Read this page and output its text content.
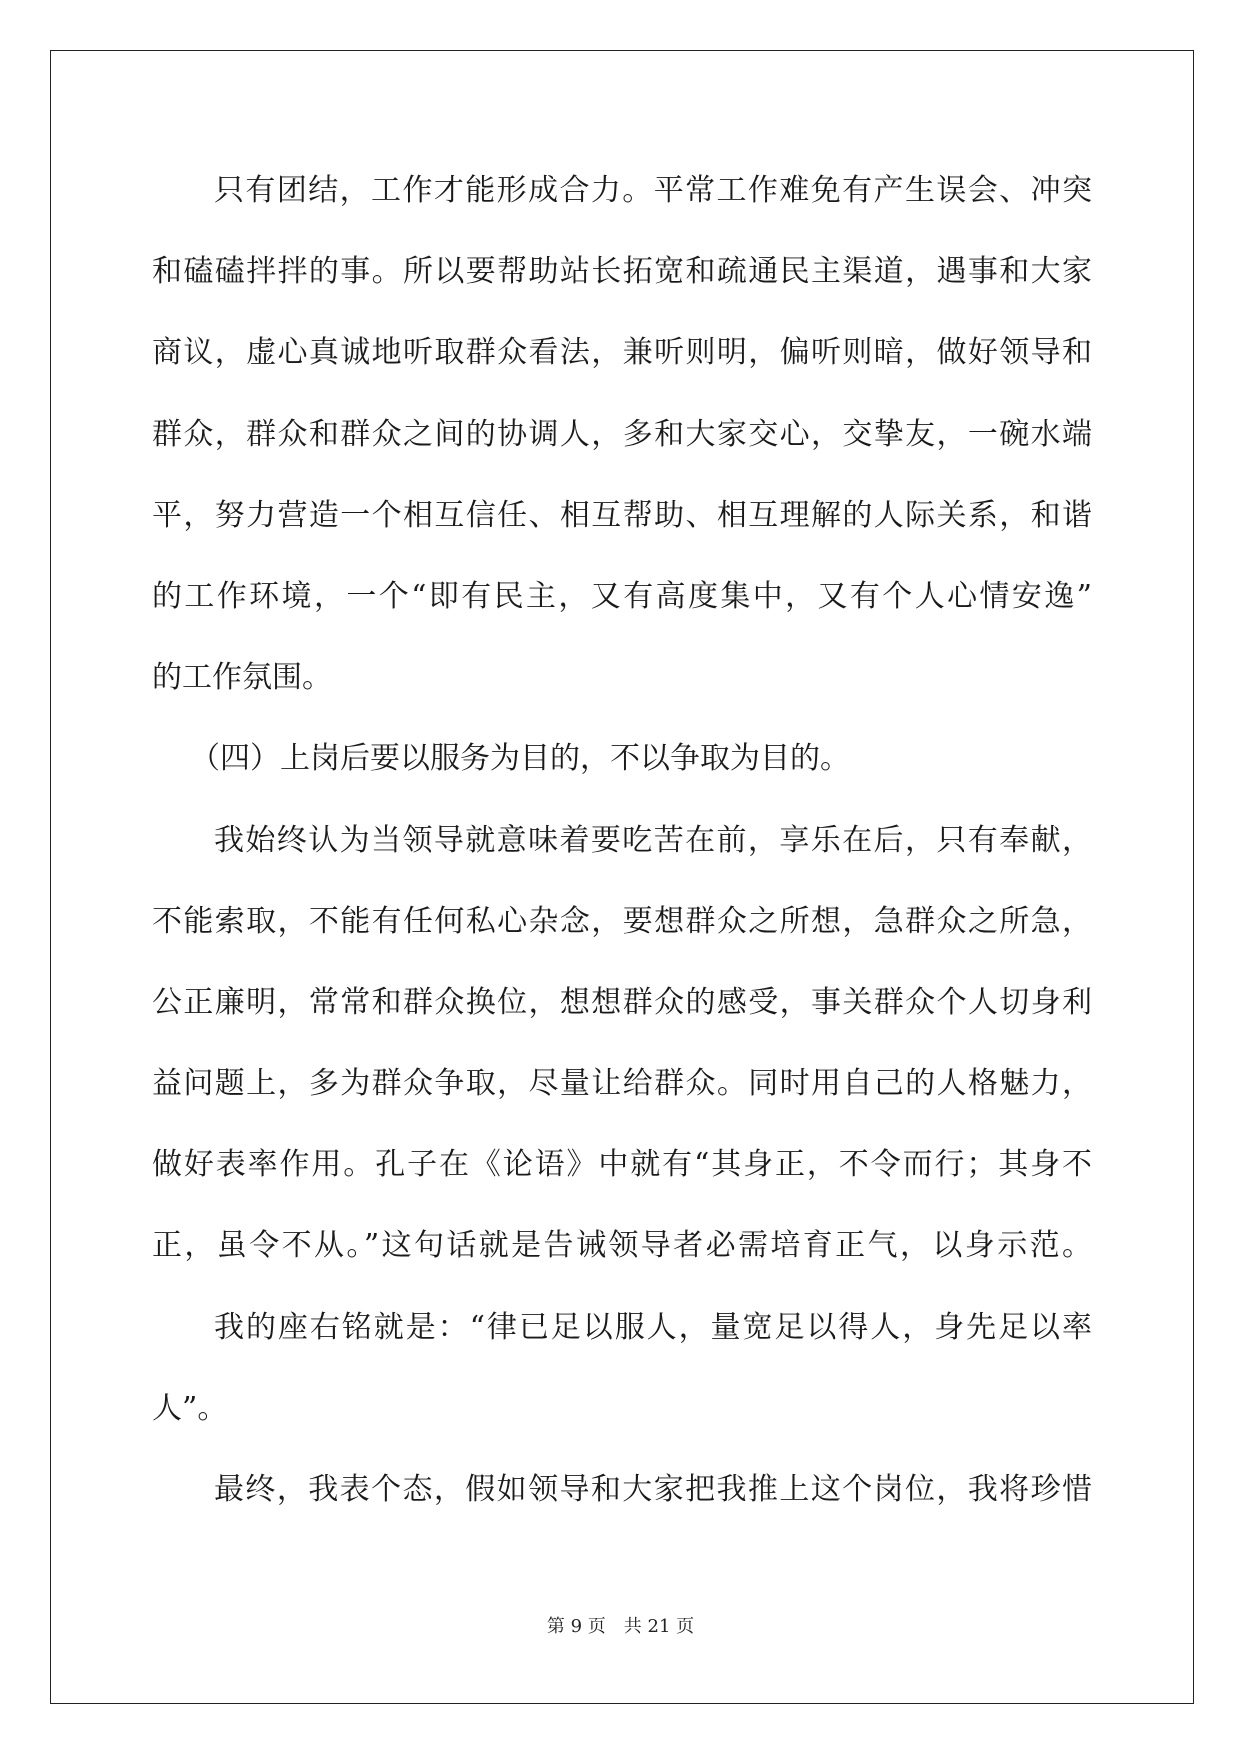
只有团结，工作才能形成合力。平常工作难免有产生误会、冲突
和磕磕拌拌的事。所以要帮助站长拓宽和疏通民主渠道，遇事和大家
商议，虚心真诚地听取群众看法，兼听则明，偏听则暗，做好领导和
群众，群众和群众之间的协调人，多和大家交心，交挚友，一碗水端
平，努力营造一个相互信任、相互帮助、相互理解的人际关系，和谐
的工作环境，一个“即有民主，又有高度集中，又有个人心情安逸”
的工作氛围。
（四）上岗后要以服务为目的，不以争取为目的。
我始终认为当领导就意味着要吃苦在前，享乐在后，只有奉献，
不能索取，不能有任何私心杂念，要想群众之所想，急群众之所急，
公正廉明，常常和群众换位，想想群众的感受，事关群众个人切身利
益问题上，多为群众争取，尽量让给群众。同时用自己的人格魅力，
做好表率作用。孔子在《论语》中就有“其身正，不令而行；其身不
正，虽令不从。”这句话就是告诫领导者必需培育正气，以身示范。
我的座右铭就是：“律已足以服人，量宽足以得人，身先足以率
人”。
最终，我表个态，假如领导和大家把我推上这个岗位，我将珍惜
第 9 页　共 21 页
